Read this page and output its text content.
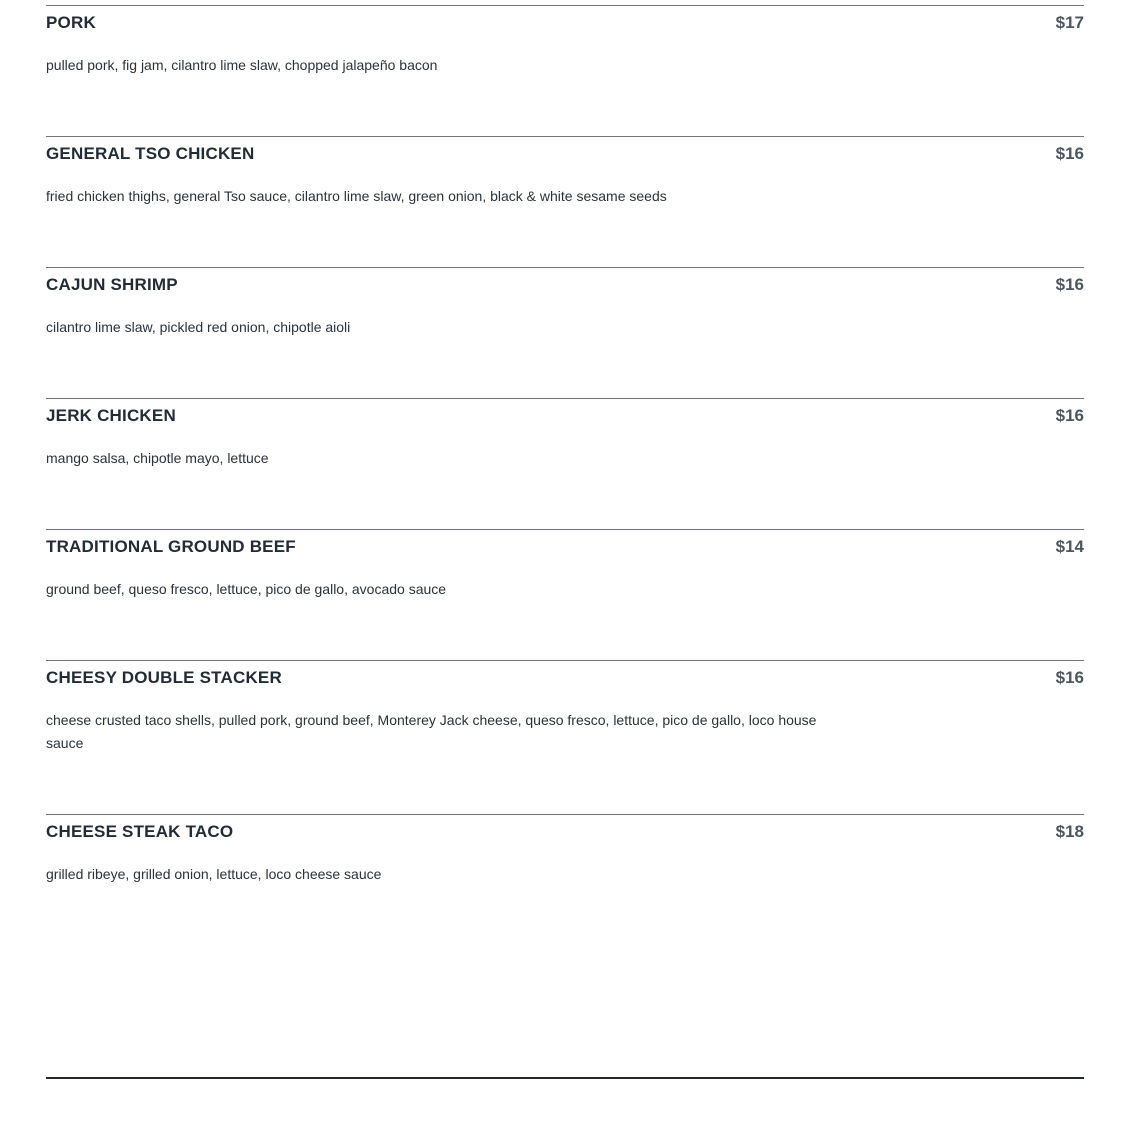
PORK	$17

pulled pork, fig jam, cilantro lime slaw, chopped jalapeño bacon

GENERAL TSO CHICKEN	$16

fried chicken thighs, general Tso sauce, cilantro lime slaw, green onion, black & white sesame seeds

CAJUN SHRIMP	$16

cilantro lime slaw, pickled red onion, chipotle aioli

JERK CHICKEN	$16

mango salsa, chipotle mayo, lettuce

TRADITIONAL GROUND BEEF	$14

ground beef, queso fresco, lettuce, pico de gallo, avocado sauce

CHEESY DOUBLE STACKER	$16

cheese crusted taco shells, pulled pork, ground beef, Monterey Jack cheese, queso fresco, lettuce, pico de gallo, loco house sauce

CHEESE STEAK TACO	$18

grilled ribeye, grilled onion, lettuce, loco cheese sauce
